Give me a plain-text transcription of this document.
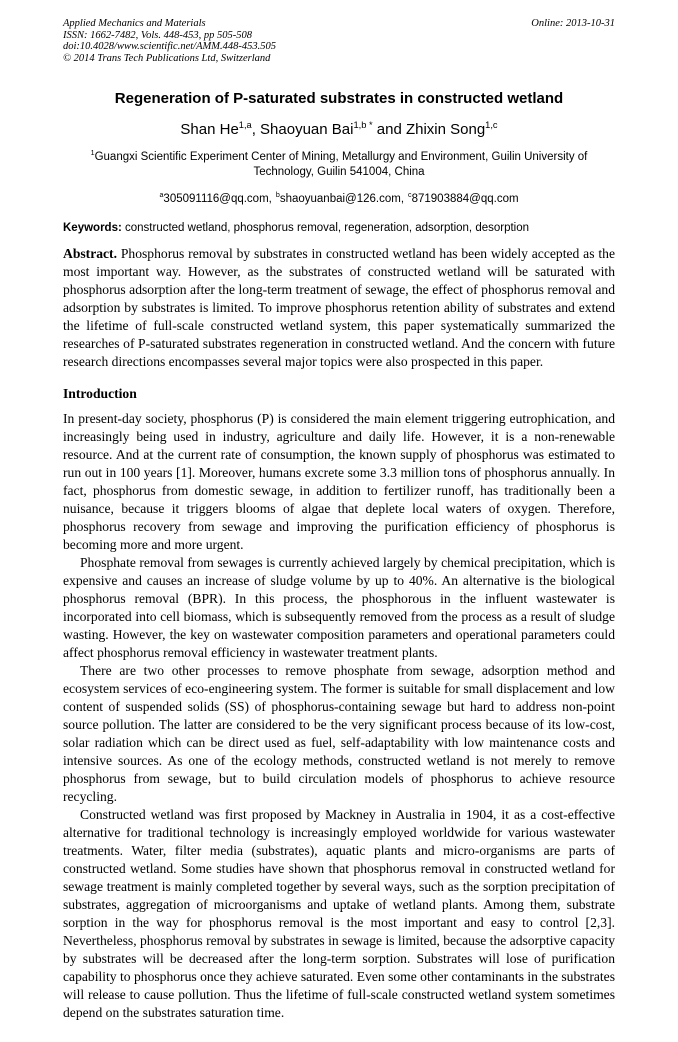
Applied Mechanics and Materials
ISSN: 1662-7482, Vols. 448-453, pp 505-508
doi:10.4028/www.scientific.net/AMM.448-453.505
© 2014 Trans Tech Publications Ltd, Switzerland
Online: 2013-10-31
Regeneration of P-saturated substrates in constructed wetland
Shan He$^{1,a}$, Shaoyuan Bai$^{1,b *}$ and Zhixin Song$^{1,c}$
$^1$Guangxi Scientific Experiment Center of Mining, Metallurgy and Environment, Guilin University of Technology, Guilin 541004, China
$^a$305091116@qq.com, $^b$shaoyuanbai@126.com, $^c$871903884@qq.com
Keywords: constructed wetland, phosphorus removal, regeneration, adsorption, desorption

Abstract. Phosphorus removal by substrates in constructed wetland has been widely accepted as the most important way. However, as the substrates of constructed wetland will be saturated with phosphorus adsorption after the long-term treatment of sewage, the effect of phosphorus removal and adsorption by substrates is limited. To improve phosphorus retention ability of substrates and extend the lifetime of full-scale constructed wetland system, this paper systematically summarized the researches of P-saturated substrates regeneration in constructed wetland. And the concern with future research directions encompasses several major topics were also prospected in this paper.

Introduction

In present-day society, phosphorus (P) is considered the main element triggering eutrophication, and increasingly being used in industry, agriculture and daily life. However, it is a non-renewable resource. And at the current rate of consumption, the known supply of phosphorus was estimated to run out in 100 years [1]. Moreover, humans excrete some 3.3 million tons of phosphorus annually. In fact, phosphorus from domestic sewage, in addition to fertilizer runoff, has traditionally been a nuisance, because it triggers blooms of algae that deplete local waters of oxygen. Therefore, phosphorus recovery from sewage and improving the purification efficiency of phosphorus is becoming more and more urgent.

Phosphate removal from sewages is currently achieved largely by chemical precipitation, which is expensive and causes an increase of sludge volume by up to 40%. An alternative is the biological phosphorus removal (BPR). In this process, the phosphorous in the influent wastewater is incorporated into cell biomass, which is subsequently removed from the process as a result of sludge wasting. However, the key on wastewater composition parameters and operational parameters could affect phosphorus removal efficiency in wastewater treatment plants.

There are two other processes to remove phosphate from sewage, adsorption method and ecosystem services of eco-engineering system. The former is suitable for small displacement and low content of suspended solids (SS) of phosphorus-containing sewage but hard to address non-point source pollution. The latter are considered to be the very significant process because of its low-cost, solar radiation which can be direct used as fuel, self-adaptability with low maintenance costs and intensive sources. As one of the ecology methods, constructed wetland is not merely to remove phosphorus from sewage, but to build circulation models of phosphorus to achieve resource recycling.

Constructed wetland was first proposed by Mackney in Australia in 1904, it as a cost-effective alternative for traditional technology is increasingly employed worldwide for various wastewater treatments. Water, filter media (substrates), aquatic plants and micro-organisms are parts of constructed wetland. Some studies have shown that phosphorus removal in constructed wetland for sewage treatment is mainly completed together by several ways, such as the sorption precipitation of substrates, aggregation of microorganisms and uptake of wetland plants. Among them, substrate sorption in the way for phosphorus removal is the most important and easy to control [2,3]. Nevertheless, phosphorus removal by substrates in sewage is limited, because the adsorptive capacity by substrates will be decreased after the long-term sorption. Substrates will lose of purification capability to phosphorus once they achieve saturated. Even some other contaminants in the substrates will release to cause pollution. Thus the lifetime of full-scale constructed wetland system sometimes depend on the substrates saturation time.
